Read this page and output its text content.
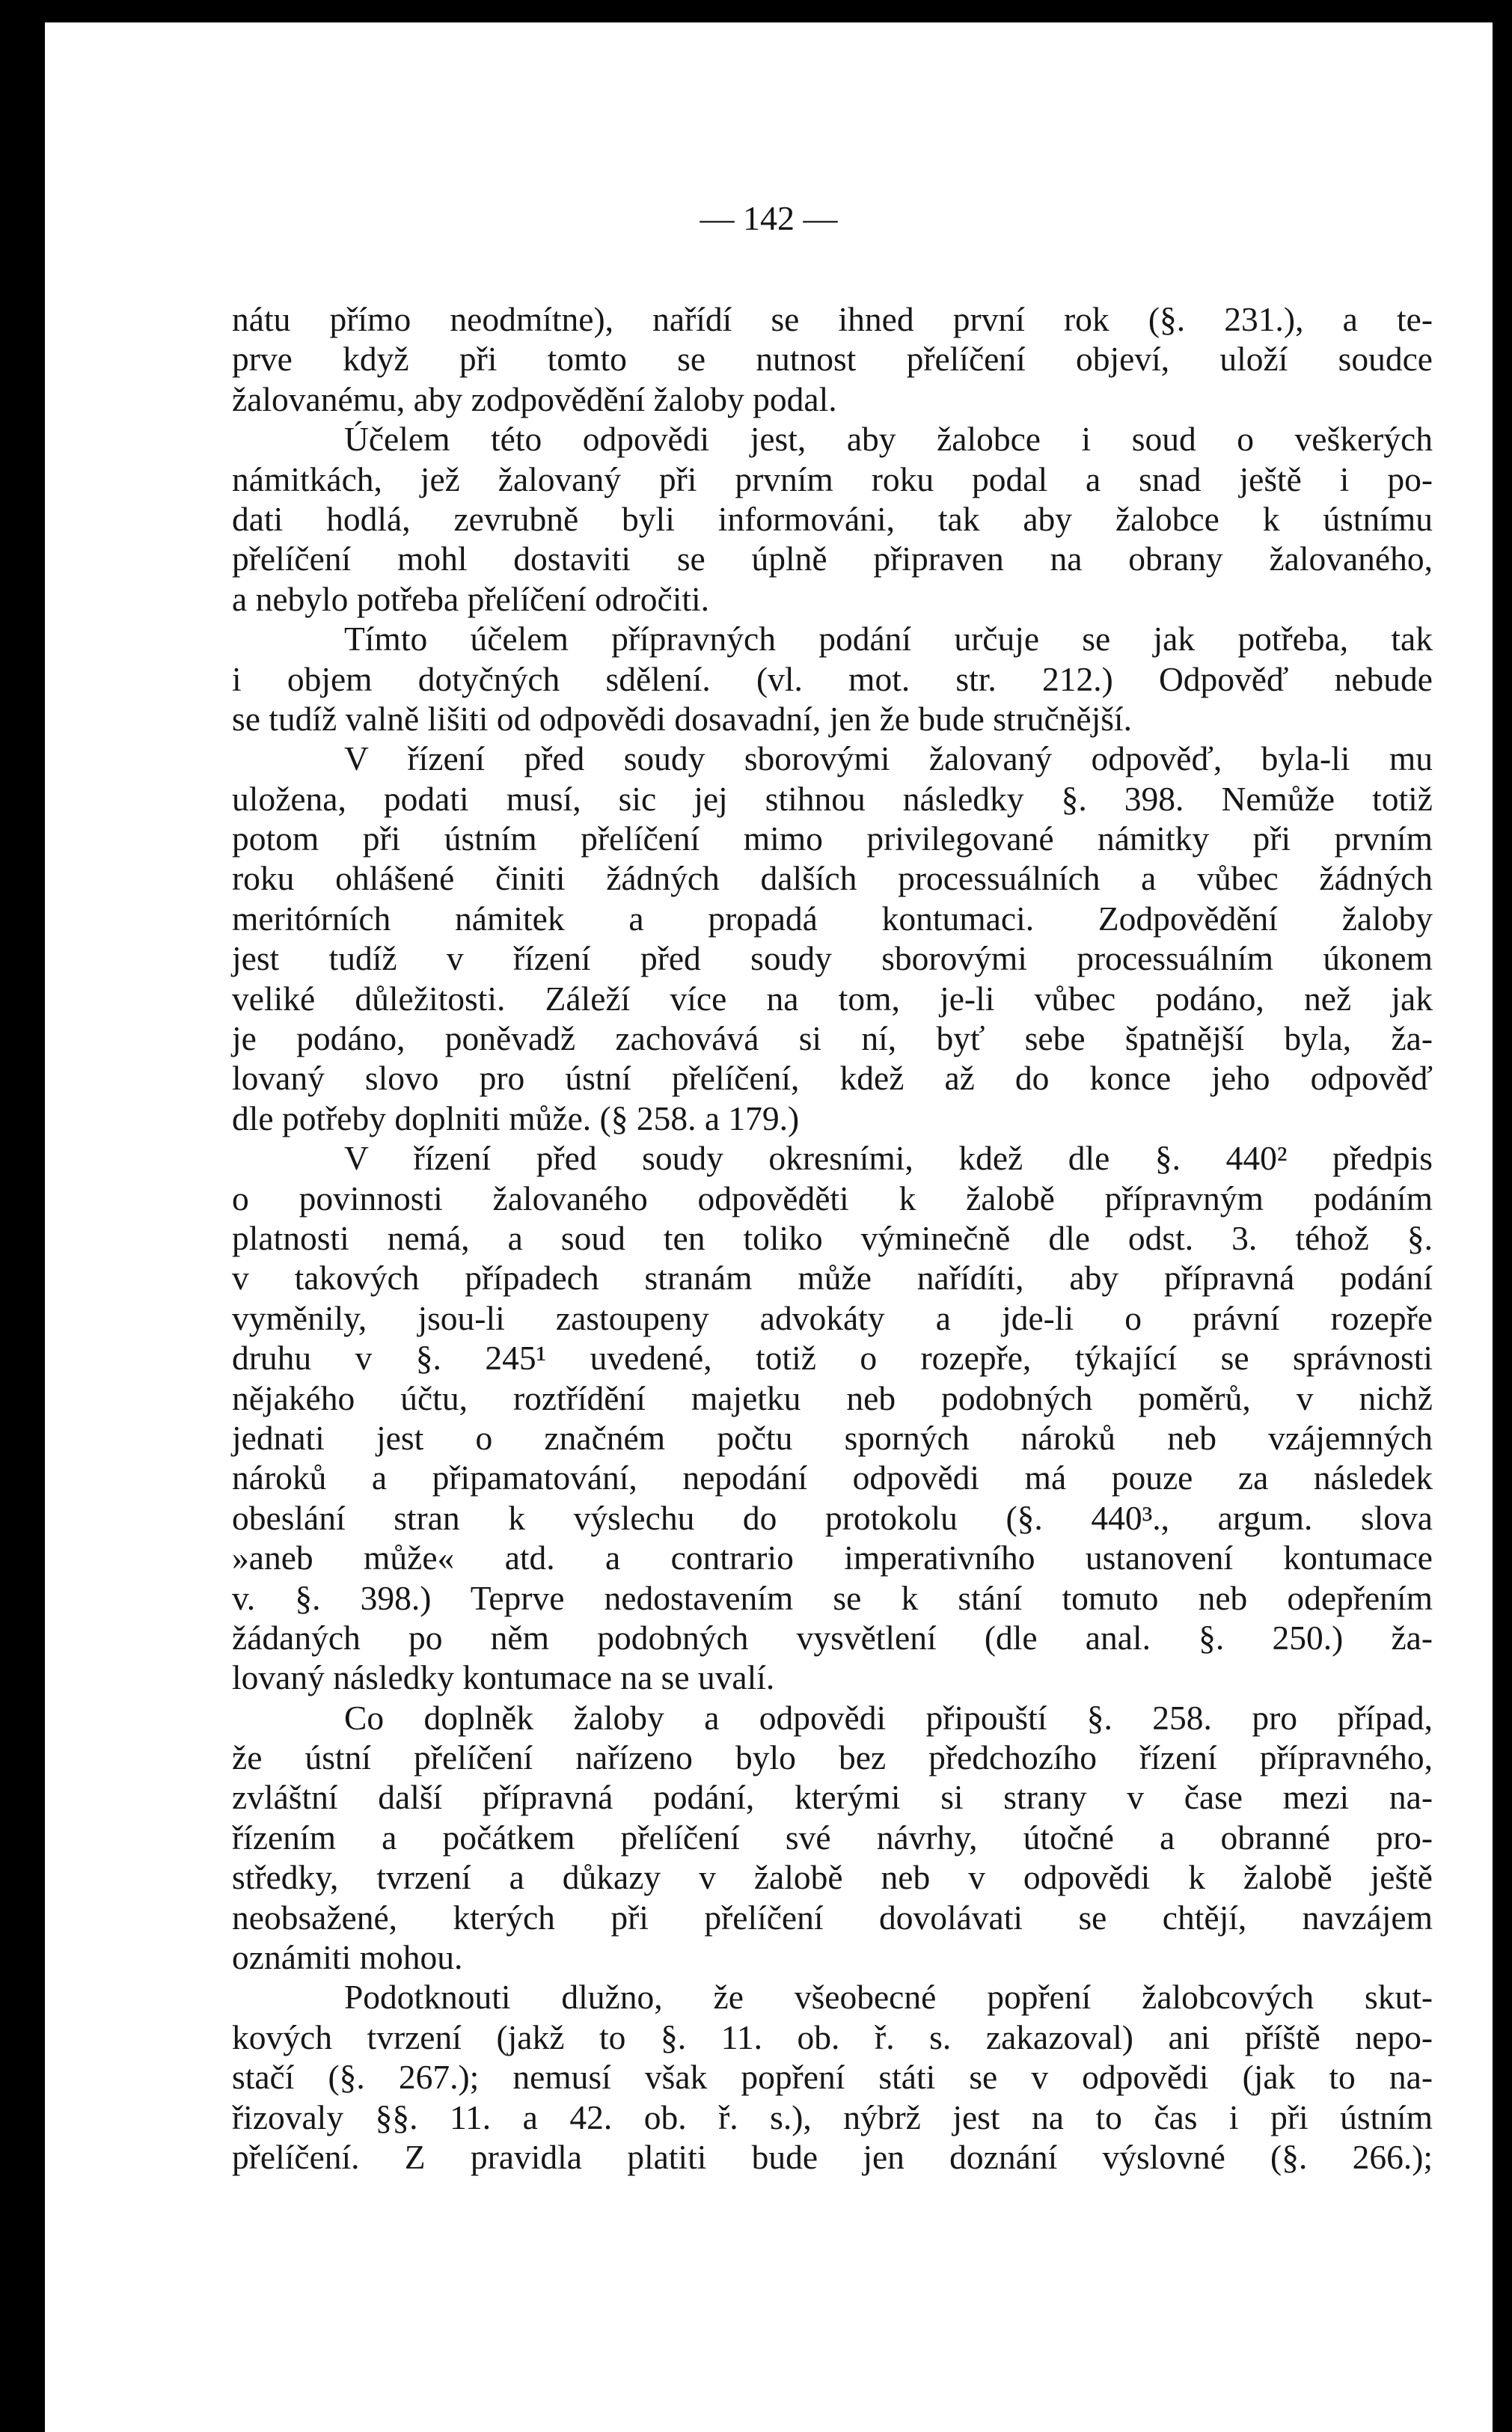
— 142 —
nátu přímo neodmítne), nařídí se ihned první rok (§. 231.), a te-
prve když při tomto se nutnost přelíčení objeví, uloží soudce
žalovanému, aby zodpovědění žaloby podal.
Účelem této odpovědi jest, aby žalobce i soud o veškerých
námitkách, jež žalovaný při prvním roku podal a snad ještě i po-
dati hodlá, zevrubně byli informováni, tak aby žalobce k ústnímu
přelíčení mohl dostaviti se úplně připraven na obrany žalovaného,
a nebylo potřeba přelíčení odročiti.
Tímto účelem přípravných podání určuje se jak potřeba, tak
i objem dotyčných sdělení. (vl. mot. str. 212.) Odpověď nebude
se tudíž valně lišiti od odpovědi dosavadní, jen že bude stručnější.
V řízení před soudy sborovými žalovaný odpověď, byla-li mu
uložena, podati musí, sic jej stihnou následky §. 398. Nemůže totiž
potom při ústním přelíčení mimo privilegované námitky při prvním
roku ohlášené činiti žádných dalších processuálních a vůbec žádných
meritórních námitek a propadá kontumaci. Zodpovědění žaloby
jest tudíž v řízení před soudy sborovými processuálním úkonem
veliké důležitosti. Záleží více na tom, je-li vůbec podáno, než jak
je podáno, poněvadž zachovává si ní, byť sebe špatnější byla, ža-
lovaný slovo pro ústní přelíčení, kdež až do konce jeho odpověď
dle potřeby doplniti může. (§ 258. a 179.)
V řízení před soudy okresními, kdež dle §. 440² předpis
o povinnosti žalovaného odpověděti k žalobě přípravným podáním
platnosti nemá, a soud ten toliko výminečně dle odst. 3. téhož §.
v takových případech stranám může nařídíti, aby přípravná podání
vyměnily, jsou-li zastoupeny advokáty a jde-li o právní rozepře
druhu v §. 245¹ uvedené, totiž o rozepře, týkající se správnosti
nějakého účtu, roztřídění majetku neb podobných poměrů, v nichž
jednati jest o značném počtu sporných nároků neb vzájemných
nároků a připamatování, nepodání odpovědi má pouze za následek
obeslání stran k výslechu do protokolu (§. 440³., argum. slova
»aneb může« atd. a contrario imperativního ustanovení kontumace
v. §. 398.) Teprve nedostavením se k stání tomuto neb odepřením
žádaných po něm podobných vysvětlení (dle anal. §. 250.) ža-
lovaný následky kontumace na se uvalí.
Co doplněk žaloby a odpovědi připouští §. 258. pro případ,
že ústní přelíčení nařízeno bylo bez předchozího řízení přípravného,
zvláštní další přípravná podání, kterými si strany v čase mezi na-
řízením a počátkem přelíčení své návrhy, útočné a obranné pro-
středky, tvrzení a důkazy v žalobě neb v odpovědi k žalobě ještě
neobsažené, kterých při přelíčení dovolávati se chtějí, navzájem
oznámiti mohou.
Podotknouti dlužno, že všeobecné popření žalobcových skut-
kových tvrzení (jakž to §. 11. ob. ř. s. zakazoval) ani příště nepo-
stačí (§. 267.); nemusí však popření státi se v odpovědi (jak to na-
řizovaly §§. 11. a 42. ob. ř. s.), nýbrž jest na to čas i při ústním
přelíčení. Z pravidla platiti bude jen doznání výslovné (§. 266.);
